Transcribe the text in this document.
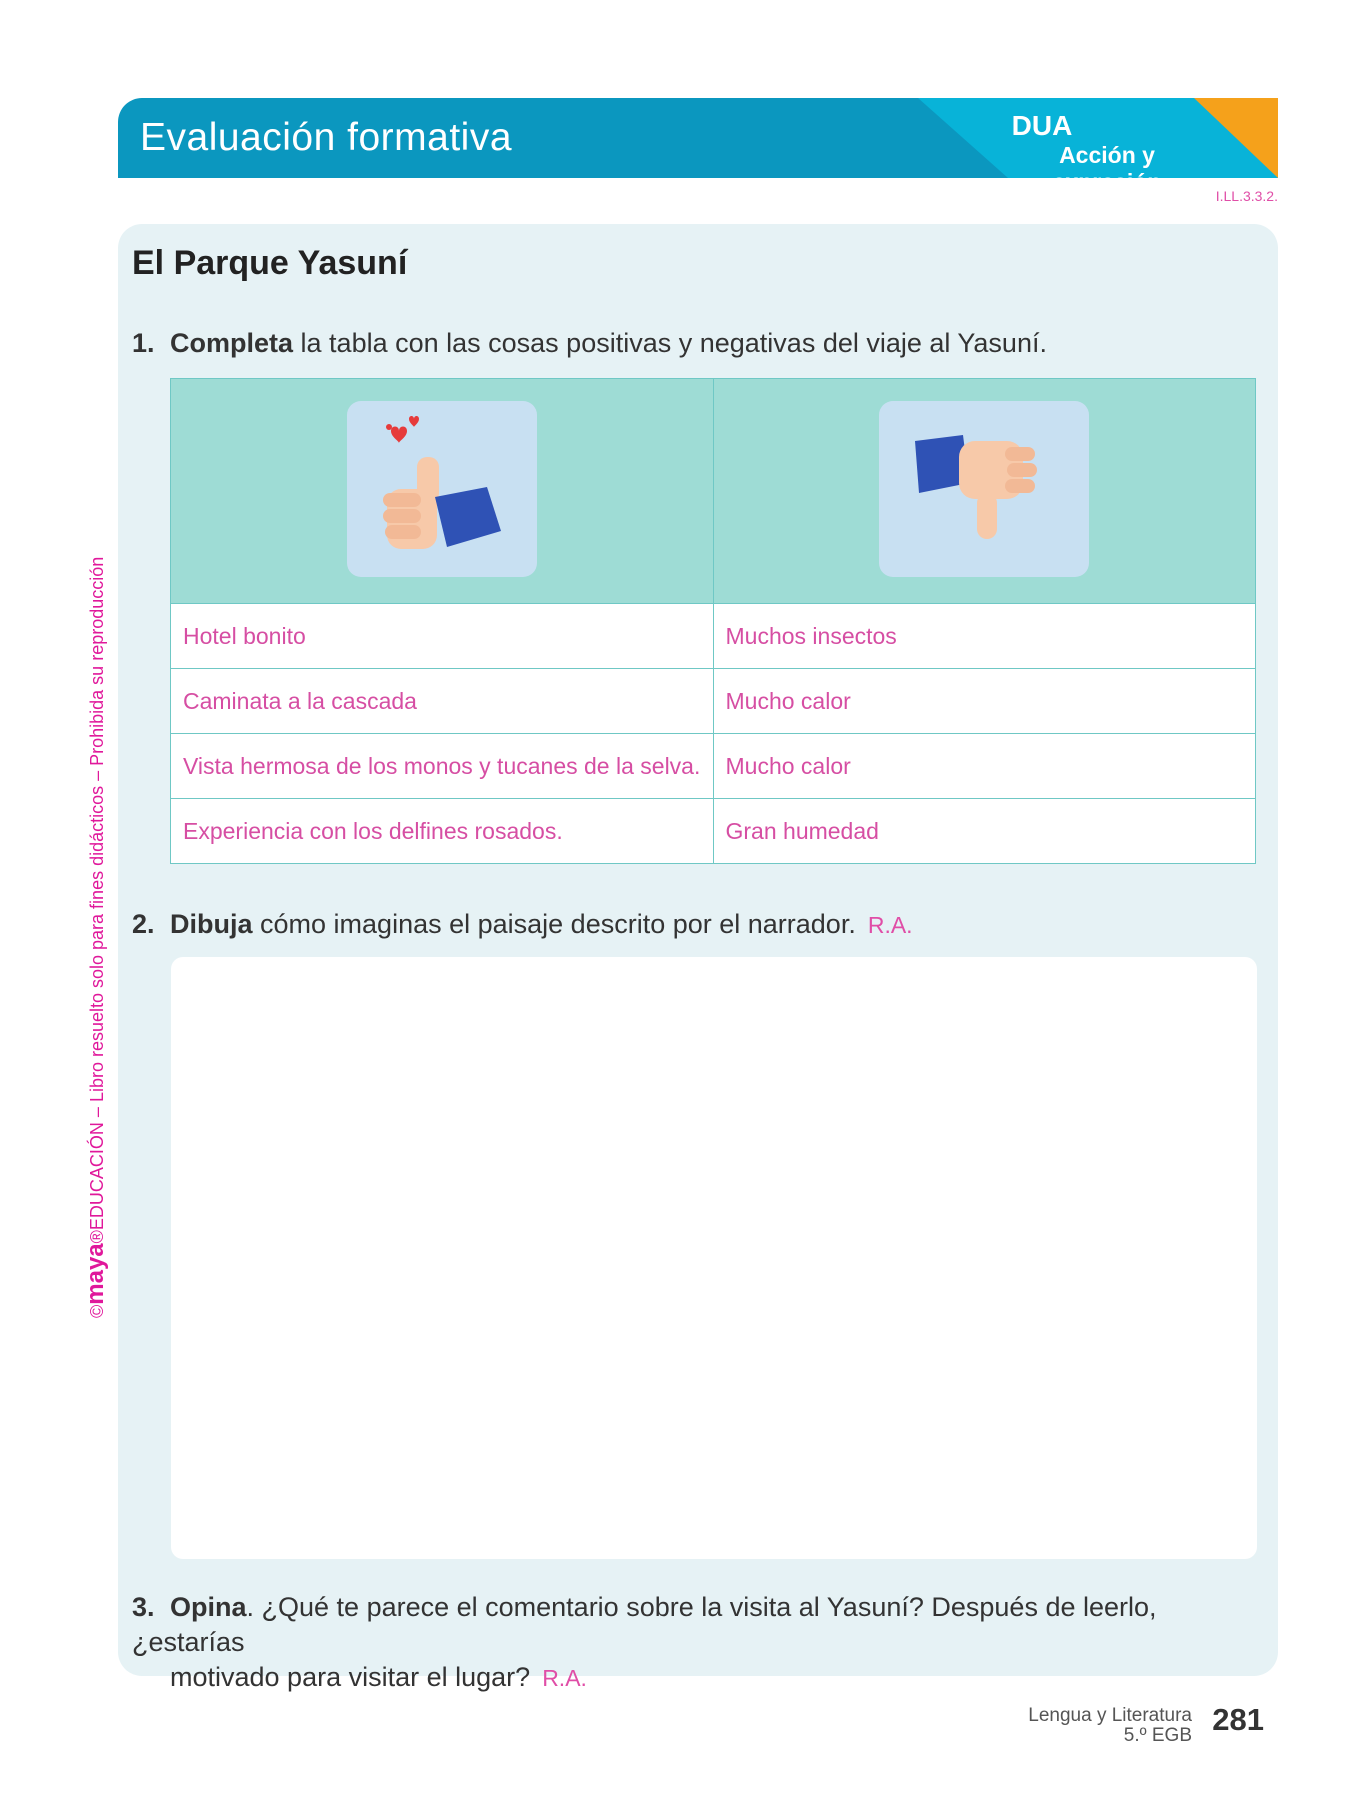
Evaluación formativa	DUA
Acción y expresión
I.LL.3.3.2.
©maya®EDUCACIÓN – Libro resuelto solo para fines didácticos – Prohibida su reproducción
El Parque Yasuní
1. Completa la tabla con las cosas positivas y negativas del viaje al Yasuní.

Hotel bonito	Muchos insectos
Caminata a la cascada	Mucho calor
Vista hermosa de los monos y tucanes de la selva.	Mucho calor
Experiencia con los delfines rosados.	Gran humedad
2. Dibuja cómo imaginas el paisaje descrito por el narrador. R.A.
3. Opina. ¿Qué te parece el comentario sobre la visita al Yasuní? Después de leerlo, ¿estarías
motivado para visitar el lugar? R.A.
Lengua y Literatura
5.º EGB 281
